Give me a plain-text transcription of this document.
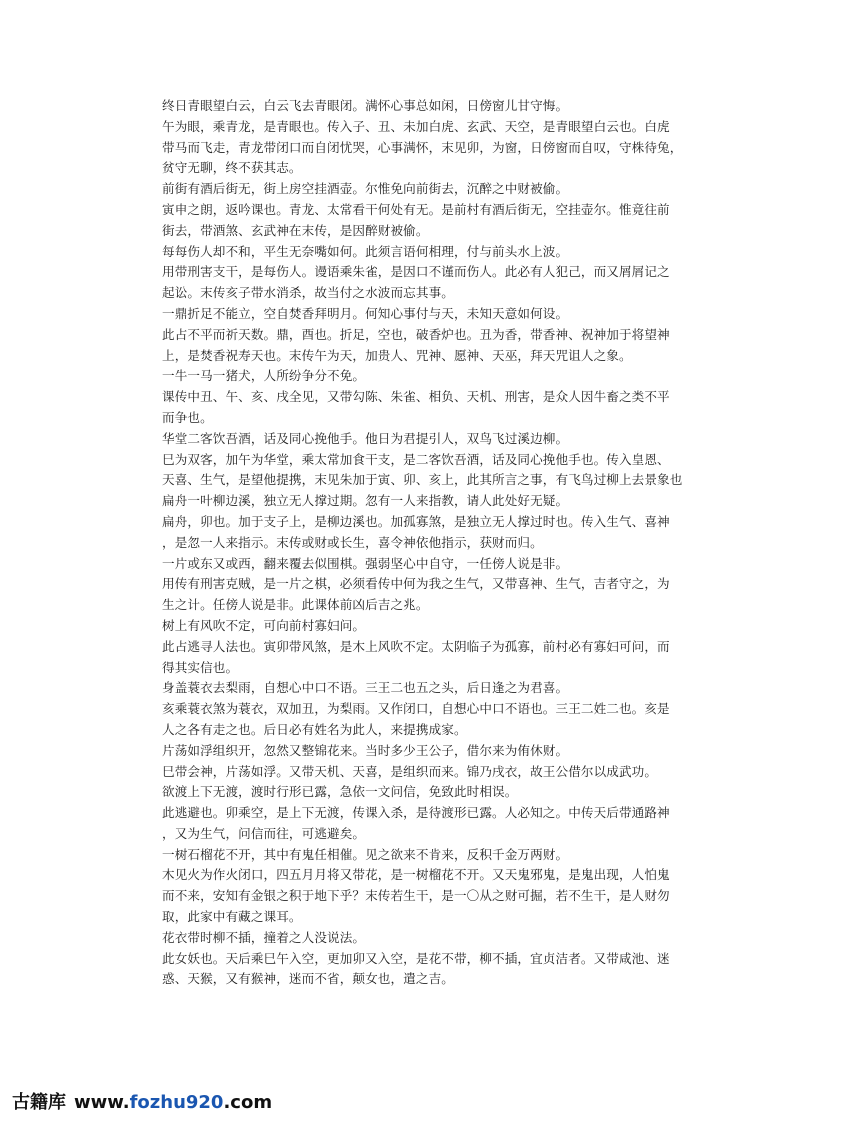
终日青眼望白云，白云飞去青眼闭。满怀心事总如闲，日傍窗儿甘守悔。
午为眼，乘青龙，是青眼也。传入子、丑、未加白虎、玄武、天空，是青眼望白云也。白虎
带马而飞走，青龙带闭口而自闭忧哭，心事满怀，末见卯，为窗，日傍窗而自叹，守株待兔，
贫守无聊，终不获其志。
前街有酒后街无，街上房空挂酒壶。尔惟免向前街去，沉醉之中财被偷。
寅申之朗，返吟课也。青龙、太常看干何处有无。是前村有酒后街无，空挂壶尔。惟竟往前
街去，带酒煞、玄武神在末传，是因醉财被偷。
每每伤人却不和，平生无奈嘴如何。此须言语何相理，付与前头水上波。
用带刑害支干，是每伤人。谩语乘朱雀，是因口不谨而伤人。此必有人犯己，而又屑屑记之
起讼。末传亥子带水消杀，故当付之水波而忘其事。
一鼎折足不能立，空自焚香拜明月。何知心事付与天，未知天意如何设。
此占不平而祈天数。鼎，酉也。折足，空也，破香炉也。丑为香，带香神、祝神加于将望神
上，是焚香祝寿天也。末传午为天，加贵人、咒神、愿神、天巫，拜天咒诅人之象。
一牛一马一猪犬，人所纷争分不免。
课传中丑、午、亥、戌全见，又带勾陈、朱雀、相负、天机、刑害，是众人因牛畜之类不平
而争也。
华堂二客饮吾酒，话及同心挽他手。他日为君提引人，双鸟飞过溪边柳。
巳为双客，加午为华堂，乘太常加食干支，是二客饮吾酒，话及同心挽他手也。传入皇恩、
天喜、生气，是望他提携，末见朱加于寅、卯、亥上，此其所言之事，有飞鸟过柳上去景象也
扁舟一叶柳边溪，独立无人撑过期。忽有一人来指教，请人此处好无疑。
扁舟，卯也。加于支子上，是柳边溪也。加孤寡煞，是独立无人撑过时也。传入生气、喜神
，是忽一人来指示。末传或财或长生，喜令神依他指示，获财而归。
一片或东又或西，翻来覆去似围棋。强弱坚心中自守，一任傍人说是非。
用传有刑害克贼，是一片之棋，必须看传中何为我之生气，又带喜神、生气，吉者守之，为
生之计。任傍人说是非。此课体前凶后吉之兆。
树上有风吹不定，可向前村寡妇问。
此占逃寻人法也。寅卯带风煞，是木上风吹不定。太阴临子为孤寡，前村必有寡妇可问，而
得其实信也。
身盖蓑衣去梨雨，自想心中口不语。三王二也五之头，后日逢之为君喜。
亥乘蓑衣煞为蓑衣，双加丑，为梨雨。又作闭口，自想心中口不语也。三王二姓二也。亥是
人之各有走之也。后日必有姓名为此人，来提携成家。
片荡如浮组织开，忽然又整锦花来。当时多少王公子，借尔来为侑休财。
巳带会神，片荡如浮。又带天机、天喜，是组织而来。锦乃戌衣，故王公借尔以成武功。
欲渡上下无渡，渡时行形已露，急依一文问信，免致此时相误。
此逃避也。卯乘空，是上下无渡，传课入杀，是待渡形已露。人必知之。中传天后带通路神
，又为生气，问信而往，可逃避矣。
一树石榴花不开，其中有鬼任相催。见之欲来不肯来，反积千金万两财。
木见火为作火闭口，四五月月将又带花，是一树榴花不开。又天鬼邪鬼，是鬼出现，人怕鬼
而不来，安知有金银之积于地下乎？末传若生干，是一〇从之财可掘，若不生干，是人财勿
取，此家中有藏之课耳。
花衣带时柳不插，撞着之人没说法。
此女妖也。天后乘巳午入空，更加卯又入空，是花不带，柳不插，宜贞洁者。又带咸池、迷
惑、天猴，又有猴神，迷而不省，颠女也，遣之吉。
古籍库 www.fozhu920.com
